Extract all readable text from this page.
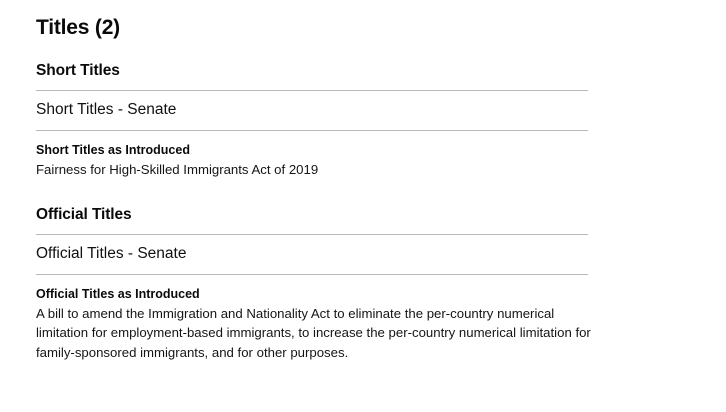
Titles (2)
Short Titles
Short Titles - Senate
Short Titles as Introduced
Fairness for High-Skilled Immigrants Act of 2019
Official Titles
Official Titles - Senate
Official Titles as Introduced
A bill to amend the Immigration and Nationality Act to eliminate the per-country numerical limitation for employment-based immigrants, to increase the per-country numerical limitation for family-sponsored immigrants, and for other purposes.
